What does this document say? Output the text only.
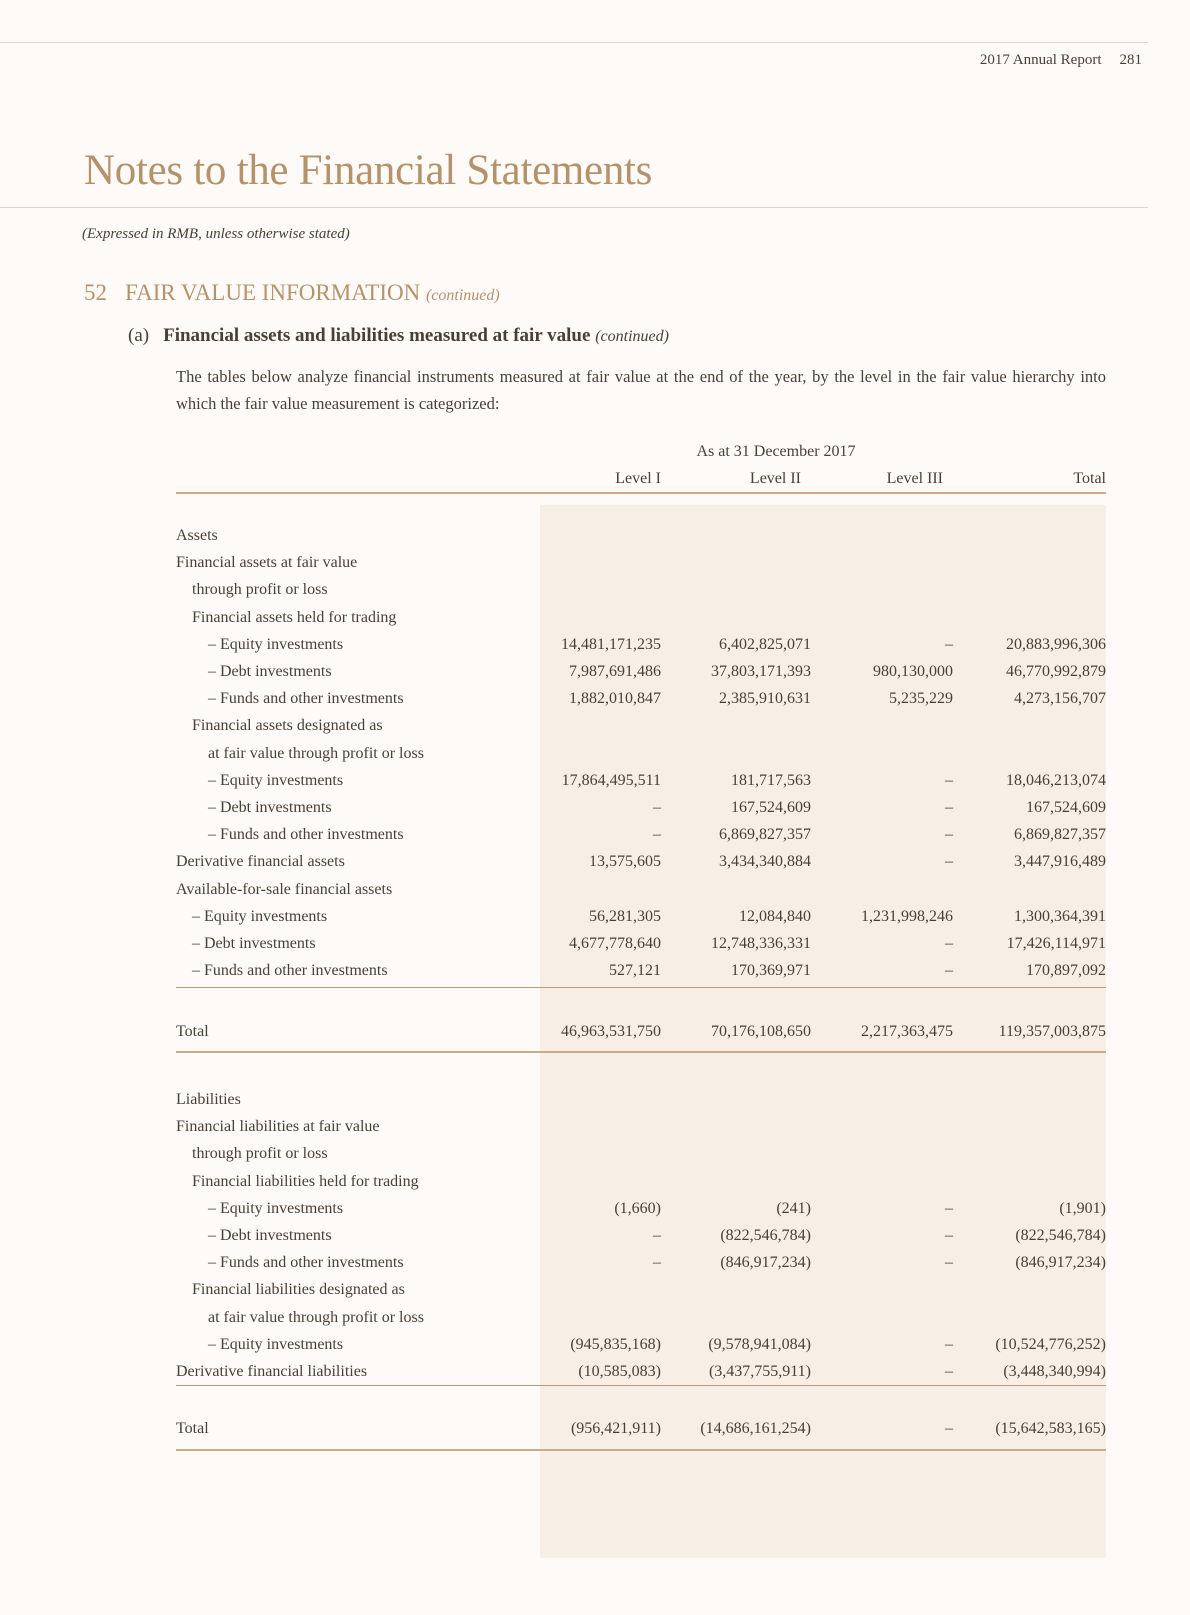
2017 Annual Report 281
Notes to the Financial Statements
(Expressed in RMB, unless otherwise stated)
52 FAIR VALUE INFORMATION (continued)
(a) Financial assets and liabilities measured at fair value (continued)

The tables below analyze financial instruments measured at fair value at the end of the year, by the level in the fair value hierarchy into which the fair value measurement is categorized:

As at 31 December 2017
Level I	Level II	Level III	Total
Assets
Financial assets at fair value
through profit or loss
Financial assets held for trading
– Equity investments	14,481,171,235	6,402,825,071	–	20,883,996,306
– Debt investments	7,987,691,486	37,803,171,393	980,130,000	46,770,992,879
– Funds and other investments	1,882,010,847	2,385,910,631	5,235,229	4,273,156,707
Financial assets designated as
at fair value through profit or loss
– Equity investments	17,864,495,511	181,717,563	–	18,046,213,074
– Debt investments	–	167,524,609	–	167,524,609
– Funds and other investments	–	6,869,827,357	–	6,869,827,357
Derivative financial assets	13,575,605	3,434,340,884	–	3,447,916,489
Available-for-sale financial assets
– Equity investments	56,281,305	12,084,840	1,231,998,246	1,300,364,391
– Debt investments	4,677,778,640	12,748,336,331	–	17,426,114,971
– Funds and other investments	527,121	170,369,971	–	170,897,092
Total	46,963,531,750	70,176,108,650	2,217,363,475	119,357,003,875
Liabilities
Financial liabilities at fair value
through profit or loss
Financial liabilities held for trading
– Equity investments	(1,660)	(241)	–	(1,901)
– Debt investments	–	(822,546,784)	–	(822,546,784)
– Funds and other investments	–	(846,917,234)	–	(846,917,234)
Financial liabilities designated as
at fair value through profit or loss
– Equity investments	(945,835,168)	(9,578,941,084)	–	(10,524,776,252)
Derivative financial liabilities	(10,585,083)	(3,437,755,911)	–	(3,448,340,994)
Total	(956,421,911)	(14,686,161,254)	–	(15,642,583,165)
